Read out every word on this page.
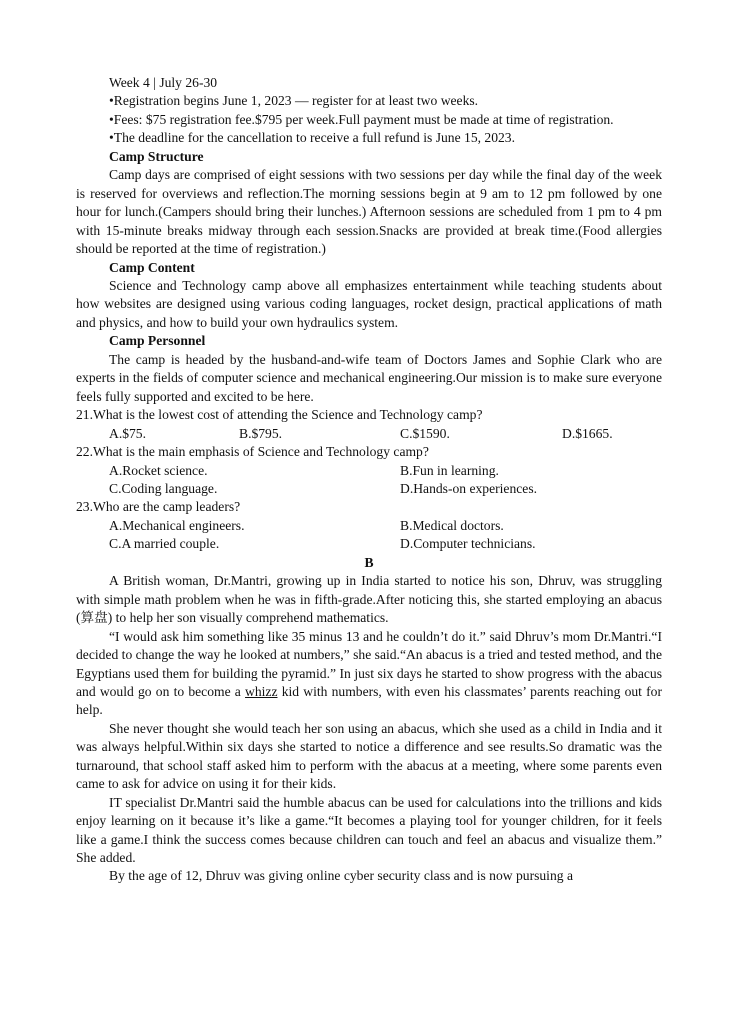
Week 4 | July 26-30
•Registration begins June 1, 2023 — register for at least two weeks.
•Fees: $75 registration fee.$795 per week.Full payment must be made at time of registration.
•The deadline for the cancellation to receive a full refund is June 15, 2023.
Camp Structure
Camp days are comprised of eight sessions with two sessions per day while the final day of the week is reserved for overviews and reflection.The morning sessions begin at 9 am to 12 pm followed by one hour for lunch.(Campers should bring their lunches.) Afternoon sessions are scheduled from 1 pm to 4 pm with 15-minute breaks midway through each session.Snacks are provided at break time.(Food allergies should be reported at the time of registration.)
Camp Content
Science and Technology camp above all emphasizes entertainment while teaching students about how websites are designed using various coding languages, rocket design, practical applications of math and physics, and how to build your own hydraulics system.
Camp Personnel
The camp is headed by the husband-and-wife team of Doctors James and Sophie Clark who are experts in the fields of computer science and mechanical engineering.Our mission is to make sure everyone feels fully supported and excited to be here.
21.What is the lowest cost of attending the Science and Technology camp?
A.$75.	B.$795.	C.$1590.	D.$1665.
22.What is the main emphasis of Science and Technology camp?
A.Rocket science.	B.Fun in learning.
C.Coding language.	D.Hands-on experiences.
23.Who are the camp leaders?
A.Mechanical engineers.	B.Medical doctors.
C.A married couple.	D.Computer technicians.
B
A British woman, Dr.Mantri, growing up in India started to notice his son, Dhruv, was struggling with simple math problem when he was in fifth-grade.After noticing this, she started employing an abacus (算盘) to help her son visually comprehend mathematics.
“I would ask him something like 35 minus 13 and he couldn’t do it.” said Dhruv’s mom Dr.Mantri.“I decided to change the way he looked at numbers,” she said.“An abacus is a tried and tested method, and the Egyptians used them for building the pyramid.” In just six days he started to show progress with the abacus and would go on to become a whizz kid with numbers, with even his classmates’ parents reaching out for help.
She never thought she would teach her son using an abacus, which she used as a child in India and it was always helpful.Within six days she started to notice a difference and see results.So dramatic was the turnaround, that school staff asked him to perform with the abacus at a meeting, where some parents even came to ask for advice on using it for their kids.
IT specialist Dr.Mantri said the humble abacus can be used for calculations into the trillions and kids enjoy learning on it because it’s like a game.“It becomes a playing tool for younger children, for it feels like a game.I think the success comes because children can touch and feel an abacus and visualize them.” She added.
By the age of 12, Dhruv was giving online cyber security class and is now pursuing a
